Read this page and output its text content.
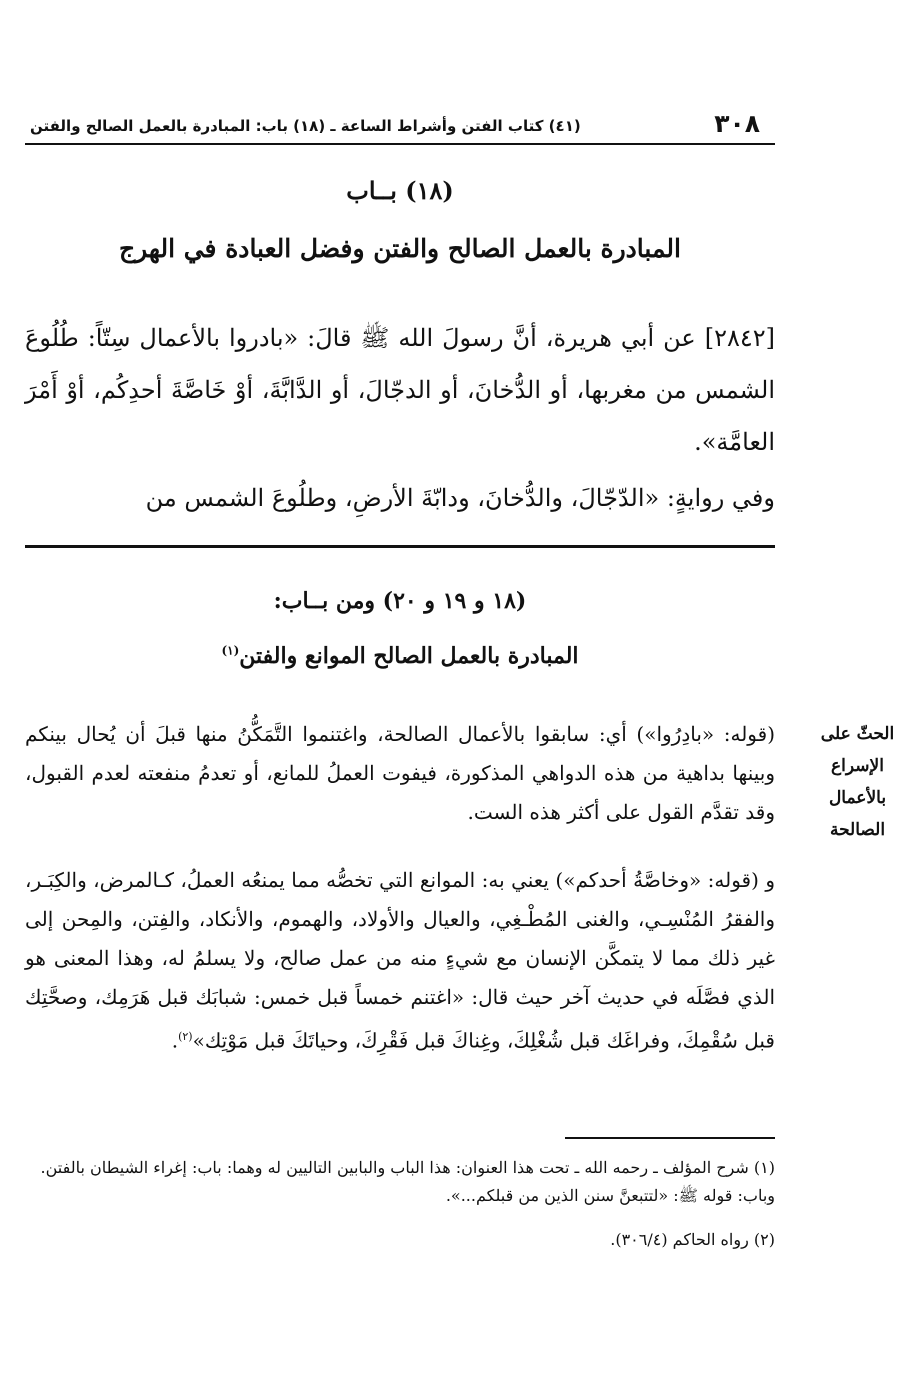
٣٠٨
(٤١) كتاب الفتن وأشراط الساعة ـ (١٨) باب: المبادرة بالعمل الصالح والفتن
(١٨) بــاب
المبادرة بالعمل الصالح والفتن وفضل العبادة في الهرج

[٢٨٤٢] عن أبي هريرة، أنَّ رسولَ الله ﷺ قالَ: «بادروا بالأعمال سِتّاً: طُلُوعَ الشمس من مغربها، أو الدُّخانَ، أو الدجّالَ، أو الدَّابَّةَ، أوْ خَاصَّةَ أحدِكُم، أوْ أَمْرَ العامَّة».

وفي روايةٍ: «الدّجّالَ، والدُّخانَ، ودابّةَ الأرضِ، وطلُوعَ الشمس من

(١٨ و ١٩ و ٢٠) ومن بــاب:
المبادرة بالعمل الصالح الموانع والفتن$^{(١)}$
الحثّ على الإسراع بالأعمال الصالحة

(قوله: «بادِرُوا») أي: سابقوا بالأعمال الصالحة، واغتنموا التَّمَكُّنُ منها قبلَ أن يُحال بينكم وبينها بداهية من هذه الدواهي المذكورة، فيفوت العملُ للمانع، أو تعدمُ منفعته لعدم القبول، وقد تقدَّم القول على أكثر هذه الست.

و (قوله: «وخاصَّةُ أحدكم») يعني به: الموانع التي تخصُّه مما يمنعُه العملُ، كـالمرض، والكِبَـر، والفقرُ المُنْسِـي، والغنى المُطْـغِي، والعيال والأولاد، والهموم، والأنكاد، والفِتن، والمِحن إلى غير ذلك مما لا يتمكَّن الإنسان مع شيءٍ منه من عمل صالح، ولا يسلمُ له، وهذا المعنى هو الذي فصَّلَه في حديث آخر حيث قال: «اغتنم خمساً قبل خمس: شبابَك قبل هَرَمِك، وصحَّتِك قبل سُقْمِكَ، وفراغَك قبل شُغْلِكَ، وغِناكَ قبل فَقْرِكَ، وحياتَكَ قبل مَوْتِك»$^{(٢)}$.

(١) شرح المؤلف ـ رحمه الله ـ تحت هذا العنوان: هذا الباب والبابين التاليين له وهما: باب: إغراء الشيطان بالفتن. وباب: قوله ﷺ: «لتتبعنَّ سنن الذين من قبلكم...».

(٢) رواه الحاكم (٣٠٦/٤).
